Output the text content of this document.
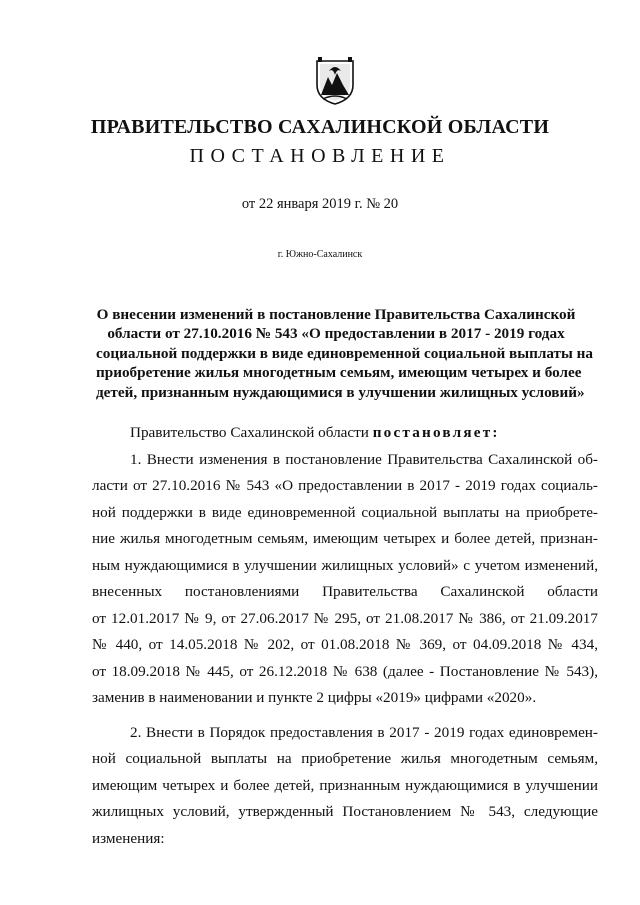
ПРАВИТЕЛЬСТВО САХАЛИНСКОЙ ОБЛАСТИ
ПОСТАНОВЛЕНИЕ
от 22 января 2019 г. № 20
г. Южно-Сахалинск
О внесении изменений в постановление Правительства Сахалинской
области от 27.10.2016 № 543 «О предоставлении в 2017 - 2019 годах
социальной поддержки в виде единовременной социальной выплаты на
приобретение жилья многодетным семьям, имеющим четырех и более
детей, признанным нуждающимися в улучшении жилищных условий»
Правительство Сахалинской области постановляет:
1. Внести изменения в постановление Правительства Сахалинской об-
ласти от 27.10.2016 № 543 «О предоставлении в 2017 - 2019 годах социаль-
ной поддержки в виде единовременной социальной выплаты на приобрете-
ние жилья многодетным семьям, имеющим четырех и более детей, признан-
ным нуждающимися в улучшении жилищных условий» с учетом изменений,
внесенных постановлениями Правительства Сахалинской области
от 12.01.2017 № 9, от 27.06.2017 № 295, от 21.08.2017 № 386, от 21.09.2017
№ 440, от 14.05.2018 № 202, от 01.08.2018 № 369, от 04.09.2018 № 434,
от 18.09.2018 № 445, от 26.12.2018 № 638 (далее - Постановление № 543),
заменив в наименовании и пункте 2 цифры «2019» цифрами «2020».
2. Внести в Порядок предоставления в 2017 - 2019 годах единовремен-
ной социальной выплаты на приобретение жилья многодетным семьям,
имеющим четырех и более детей, признанным нуждающимися в улучшении
жилищных условий, утвержденный Постановлением № 543, следующие
изменения:
